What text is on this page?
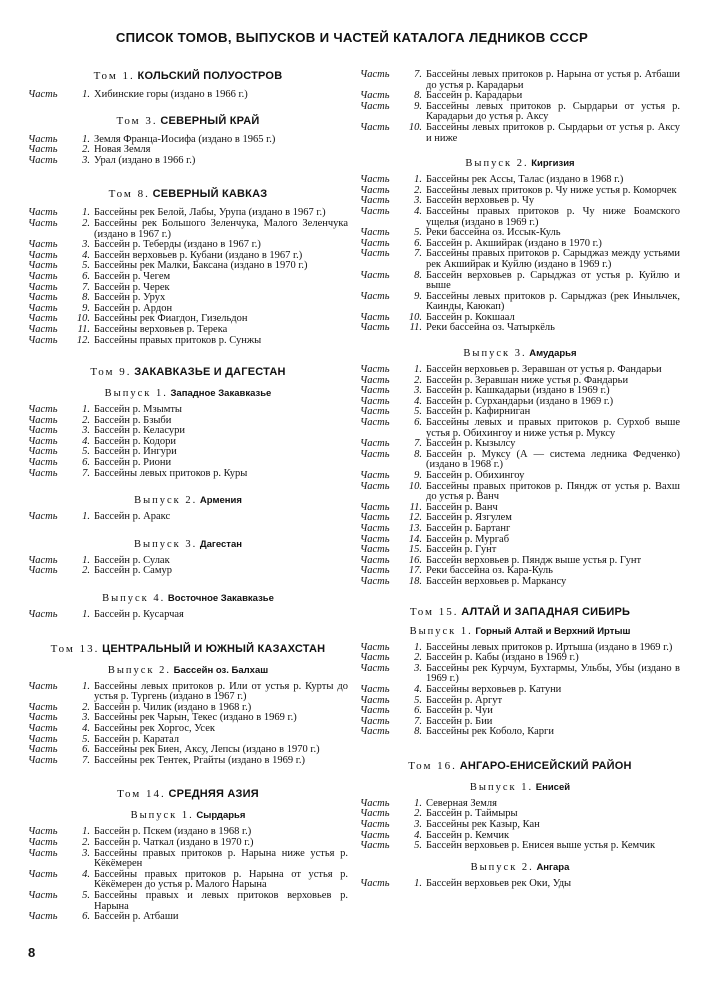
СПИСОК ТОМОВ, ВЫПУСКОВ И ЧАСТЕЙ КАТАЛОГА ЛЕДНИКОВ СССР
Том 1. КОЛЬСКИЙ ПОЛУОСТРОВ
Часть	1. Хибинские горы (издано в 1966 г.)
Том 3. СЕВЕРНЫЙ КРАЙ
Часть	1. Земля Франца-Иосифа (издано в 1965 г.)
Часть	2. Новая Земля
Часть	3. Урал (издано в 1966 г.)
Том 8. СЕВЕРНЫЙ КАВКАЗ
Часть	1. Бассейны рек Белой, Лабы, Урупа (издано в 1967 г.)
Часть	2. Бассейны рек Большого Зеленчука, Малого Зеленчука (издано в 1967 г.)
Часть	3. Бассейн р. Теберды (издано в 1967 г.)
Часть	4. Бассейн верховьев р. Кубани (издано в 1967 г.)
Часть	5. Бассейны рек Малки, Баксана (издано в 1970 г.)
Часть	6. Бассейн р. Чегем
Часть	7. Бассейн р. Черек
Часть	8. Бассейн р. Урух
Часть	9. Бассейн р. Ардон
Часть	10. Бассейны рек Фиагдон, Гизельдон
Часть	11. Бассейны верховьев р. Терека
Часть	12. Бассейны правых притоков р. Сунжы
Том 9. ЗАКАВКАЗЬЕ И ДАГЕСТАН
Выпуск 1. Западное Закавказье
Часть	1. Бассейн р. Мзымты
Часть	2. Бассейн р. Бзыби
Часть	3. Бассейн р. Келасури
Часть	4. Бассейн р. Кодори
Часть	5. Бассейн р. Ингури
Часть	6. Бассейн р. Риони
Часть	7. Бассейны левых притоков р. Куры
Выпуск 2. Армения
Часть	1. Бассейн р. Аракс
Выпуск 3. Дагестан
Часть	1. Бассейн р. Сулак
Часть	2. Бассейн р. Самур
Выпуск 4. Восточное Закавказье
Часть	1. Бассейн р. Кусарчая
Том 13. ЦЕНТРАЛЬНЫЙ И ЮЖНЫЙ КАЗАХСТАН
Выпуск 2. Бассейн оз. Балхаш
Часть	1. Бассейны левых притоков р. Или от устья р. Курты до устья р. Тургень (издано в 1967 г.)
Часть	2. Бассейн р. Чилик (издано в 1968 г.)
Часть	3. Бассейны рек Чарын, Текес (издано в 1969 г.)
Часть	4. Бассейны рек Хоргос, Усек
Часть	5. Бассейн р. Каратал
Часть	6. Бассейны рек Биен, Аксу, Лепсы (издано в 1970 г.)
Часть	7. Бассейны рек Тентек, Ргайты (издано в 1969 г.)
Том 14. СРЕДНЯЯ АЗИЯ
Выпуск 1. Сырдарья
Часть	1. Бассейн р. Пскем (издано в 1968 г.)
Часть	2. Бассейн р. Чаткал (издано в 1970 г.)
Часть	3. Бассейны правых притоков р. Нарына ниже устья р. Кёкёмерен
Часть	4. Бассейны правых притоков р. Нарына от устья р. Кёкёмерен до устья р. Малого Нарына
Часть	5. Бассейны правых и левых притоков верховьев р. Нарына
Часть	6. Бассейн р. Атбаши
Часть	7. Бассейны левых притоков р. Нарына от устья р. Атбаши до устья р. Карадарьи
Часть	8. Бассейн р. Карадарьи
Часть	9. Бассейны левых притоков р. Сырдарьи от устья р. Карадарьи до устья р. Аксу
Часть	10. Бассейны левых притоков р. Сырдарьи от устья р. Аксу и ниже
Выпуск 2. Киргизия
Часть	1. Бассейны рек Ассы, Талас (издано в 1968 г.)
Часть	2. Бассейны левых притоков р. Чу ниже устья р. Коморчек
Часть	3. Бассейн верховьев р. Чу
Часть	4. Бассейны правых притоков р. Чу ниже Боамского ущелья (издано в 1969 г.)
Часть	5. Реки бассейна оз. Иссык-Куль
Часть	6. Бассейн р. Акшийрак (издано в 1970 г.)
Часть	7. Бассейны правых притоков р. Сарыджаз между устьями рек Акшийрак и Куйлю (издано в 1969 г.)
Часть	8. Бассейн верховьев р. Сарыджаз от устья р. Куйлю и выше
Часть	9. Бассейны левых притоков р. Сарыджаз (рек Иныльчек, Каинды, Каюкап)
Часть	10. Бассейн р. Кокшаал
Часть	11. Реки бассейна оз. Чатыркёль
Выпуск 3. Амударья
Часть	1. Бассейн верховьев р. Зеравшан от устья р. Фандарьи
Часть	2. Бассейн р. Зеравшан ниже устья р. Фандарьи
Часть	3. Бассейн р. Кашкадарьи (издано в 1969 г.)
Часть	4. Бассейн р. Сурхандарьи (издано в 1969 г.)
Часть	5. Бассейн р. Кафирниган
Часть	6. Бассейны левых и правых притоков р. Сурхоб выше устья р. Обихингоу и ниже устья р. Муксу
Часть	7. Бассейн р. Кызылсу
Часть	8. Бассейн р. Муксу (А — система ледника Федченко) (издано в 1968 г.)
Часть	9. Бассейн р. Обихингоу
Часть	10. Бассейны правых притоков р. Пяндж от устья р. Вахш до устья р. Ванч
Часть	11. Бассейн р. Ванч
Часть	12. Бассейн р. Язгулем
Часть	13. Бассейн р. Бартанг
Часть	14. Бассейн р. Мургаб
Часть	15. Бассейн р. Гунт
Часть	16. Бассейн верховьев р. Пяндж выше устья р. Гунт
Часть	17. Реки бассейна оз. Кара-Куль
Часть	18. Бассейн верховьев р. Маркансу
Том 15. АЛТАЙ И ЗАПАДНАЯ СИБИРЬ
Выпуск 1. Горный Алтай и Верхний Иртыш
Часть	1. Бассейны левых притоков р. Иртыша (издано в 1969 г.)
Часть	2. Бассейн р. Кабы (издано в 1969 г.)
Часть	3. Бассейны рек Курчум, Бухтармы, Ульбы, Убы (издано в 1969 г.)
Часть	4. Бассейны верховьев р. Катуни
Часть	5. Бассейн р. Аргут
Часть	6. Бассейн р. Чуи
Часть	7. Бассейн р. Бии
Часть	8. Бассейны рек Коболо, Карги
Том 16. АНГАРО-ЕНИСЕЙСКИЙ РАЙОН
Выпуск 1. Енисей
Часть	1. Северная Земля
Часть	2. Бассейн р. Таймыры
Часть	3. Бассейны рек Казыр, Кан
Часть	4. Бассейн р. Кемчик
Часть	5. Бассейн верховьев р. Енисея выше устья р. Кемчик
Выпуск 2. Ангара
Часть	1. Бассейн верховьев рек Оки, Уды
8
